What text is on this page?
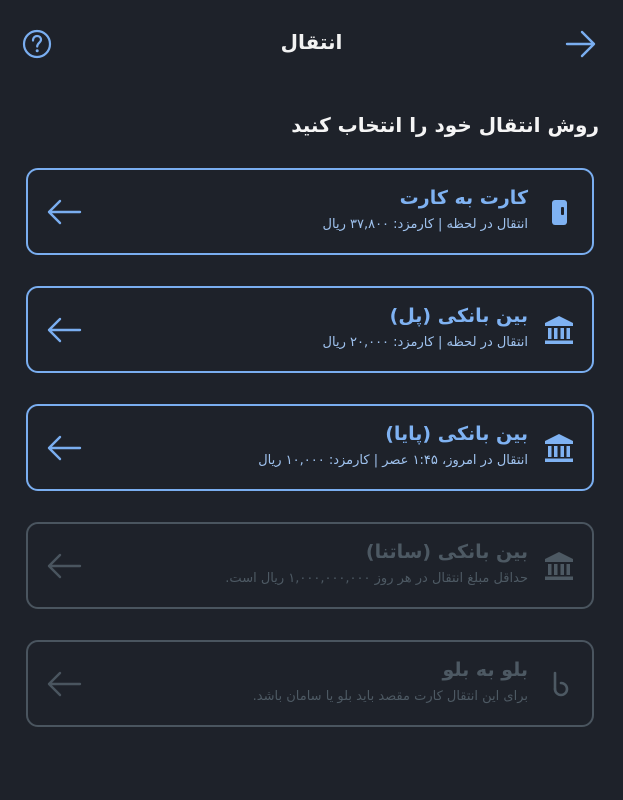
انتقال
روش انتقال خود را انتخاب کنید
کارت به کارت
انتقال در لحظه | کارمزد: ۳۷,۸۰۰ ریال
بین بانکی (پل)
انتقال در لحظه | کارمزد: ۲۰,۰۰۰ ریال
بین بانکی (پایا)
انتقال در امروز، ۱:۴۵ عصر | کارمزد: ۱۰,۰۰۰ ریال
بین بانکی (ساتنا)
حداقل مبلغ انتقال در هر روز ۱,۰۰۰,۰۰۰,۰۰۰ ریال است.
بلو به بلو
برای این انتقال کارت مقصد باید بلو یا سامان باشد.
